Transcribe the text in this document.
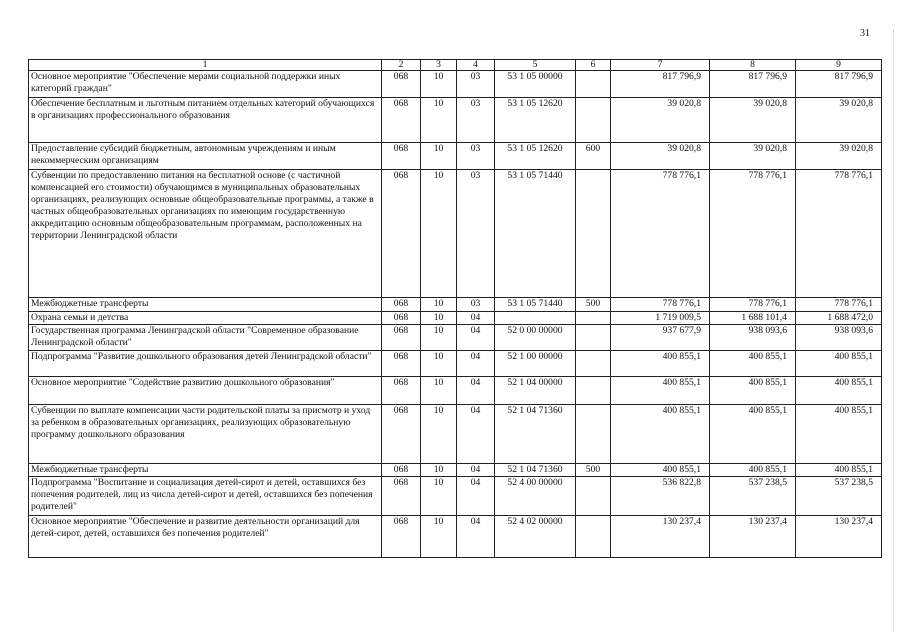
31
1	2	3	4	5	6	7	8	9
Основное мероприятие "Обеспечение мерами социальной поддержки иных категорий граждан"	068	10	03	53 1 05 00000		817 796,9	817 796,9	817 796,9
Обеспечение бесплатным и льготным питанием отдельных категорий обучающихся в организациях профессионального образования	068	10	03	53 1 05 12620		39 020,8	39 020,8	39 020,8
Предоставление субсидий бюджетным, автономным учреждениям и иным некоммерческим организациям	068	10	03	53 1 05 12620	600	39 020,8	39 020,8	39 020,8
Субвенции по предоставлению питания на бесплатной основе (с частичной компенсацией его стоимости) обучающимся в муниципальных образовательных организациях, реализующих основные общеобразовательные программы, а также в частных общеобразовательных организациях по имеющим государственную аккредитацию основным общеобразовательным программам, расположенных на территории Ленинградской области	068	10	03	53 1 05 71440		778 776,1	778 776,1	778 776,1
Межбюджетные трансферты	068	10	03	53 1 05 71440	500	778 776,1	778 776,1	778 776,1
Охрана семьи и детства	068	10	04			1 719 009,5	1 688 101,4	1 688 472,0
Государственная программа Ленинградской области "Современное образование Ленинградской области"	068	10	04	52 0 00 00000		937 677,9	938 093,6	938 093,6
Подпрограмма "Развитие дошкольного образования детей Ленинградской области"	068	10	04	52 1 00 00000		400 855,1	400 855,1	400 855,1
Основное мероприятие "Содействие развитию дошкольного образования"	068	10	04	52 1 04 00000		400 855,1	400 855,1	400 855,1
Субвенции по выплате компенсации части родительской платы за присмотр и уход за ребенком в образовательных организациях, реализующих образовательную программу дошкольного образования	068	10	04	52 1 04 71360		400 855,1	400 855,1	400 855,1
Межбюджетные трансферты	068	10	04	52 1 04 71360	500	400 855,1	400 855,1	400 855,1
Подпрограмма "Воспитание и социализация детей-сирот и детей, оставшихся без попечения родителей, лиц из числа детей-сирот и детей, оставшихся без попечения родителей"	068	10	04	52 4 00 00000		536 822,8	537 238,5	537 238,5
Основное мероприятие "Обеспечение и развитие деятельности организаций для детей-сирот, детей, оставшихся без попечения родителей"	068	10	04	52 4 02 00000		130 237,4	130 237,4	130 237,4
